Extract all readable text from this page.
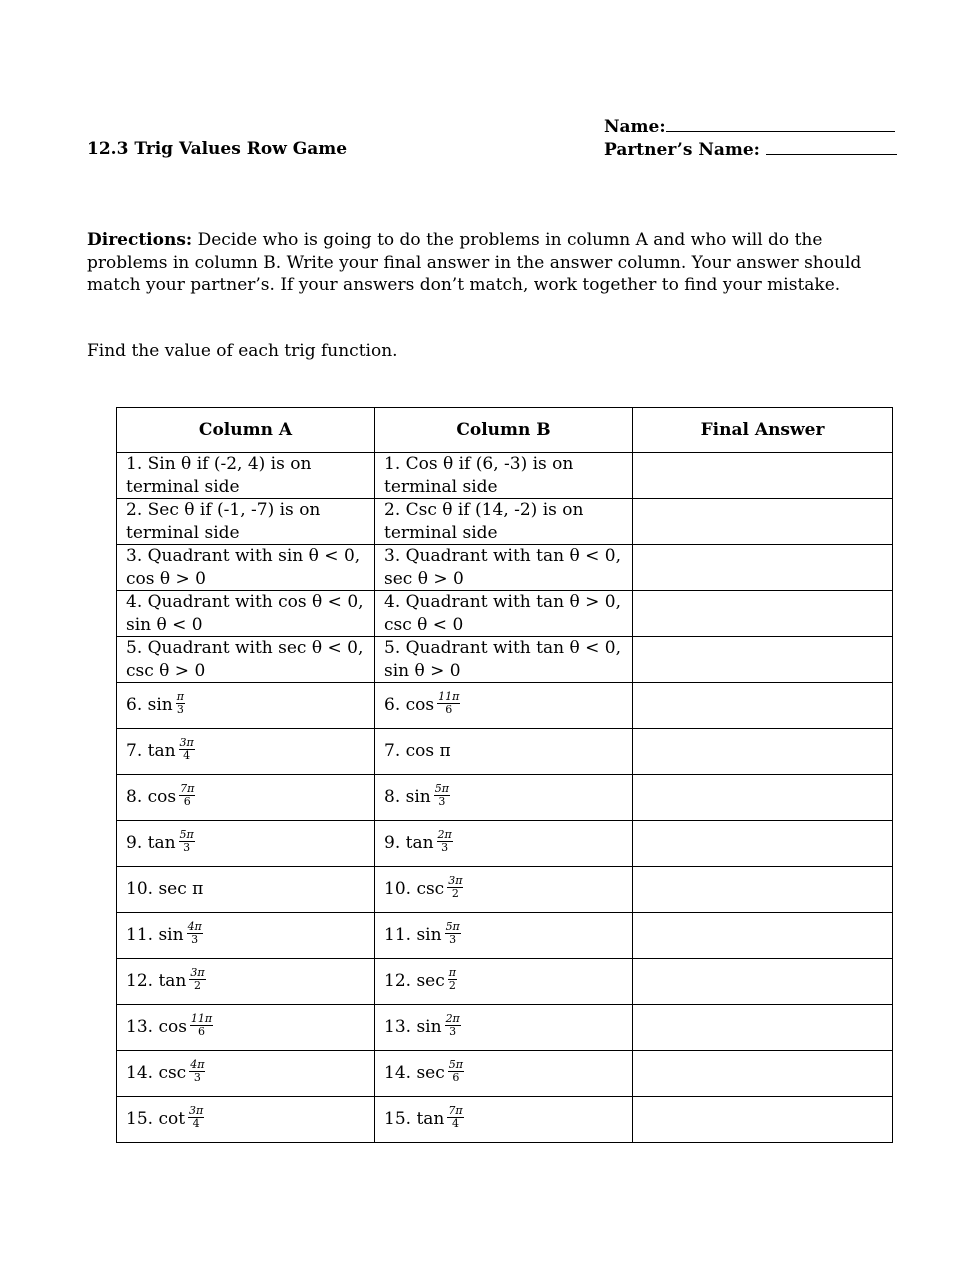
12.3 Trig Values Row Game
Name:
Partner’s Name:
Directions: Decide who is going to do the problems in column A and who will do the problems in column B. Write your final answer in the answer column. Your answer should match your partner’s. If your answers don’t match, work together to find your mistake.
Find the value of each trig function.
Column A	Column B	Final Answer
1. Sin θ if (-2, 4) is on terminal side	1. Cos θ if (6, -3) is on terminal side	
2. Sec θ if (-1, -7) is on terminal side	2. Csc θ if (14, -2) is on terminal side	
3. Quadrant with sin θ < 0, cos θ > 0	3. Quadrant with tan θ < 0, sec θ > 0	
4. Quadrant with cos θ < 0, sin θ < 0	4. Quadrant with tan θ > 0, csc θ < 0	
5. Quadrant with sec θ < 0, csc θ > 0	5. Quadrant with tan θ < 0, sin θ > 0	
6. $\sin \frac{\pi}{3}$	6. $\cos \frac{11\pi}{6}$

7. $\tan \frac{3\pi}{4}$	7. cos π	
8. $\cos \frac{7\pi}{6}$	8. $\sin \frac{5\pi}{3}$

9. $\tan \frac{5\pi}{3}$	9. $\tan \frac{2\pi}{3}$

10. sec π	10. $\csc \frac{3\pi}{2}$

11. $\sin \frac{4\pi}{3}$	11. $\sin \frac{5\pi}{3}$

12. $\tan \frac{3\pi}{2}$	12. $\sec \frac{\pi}{2}$

13. $\cos \frac{11\pi}{6}$	13. $\sin \frac{2\pi}{3}$

14. $\csc \frac{4\pi}{3}$	14. $\sec \frac{5\pi}{6}$

15. $\cot \frac{3\pi}{4}$	15. $\tan \frac{7\pi}{4}$
